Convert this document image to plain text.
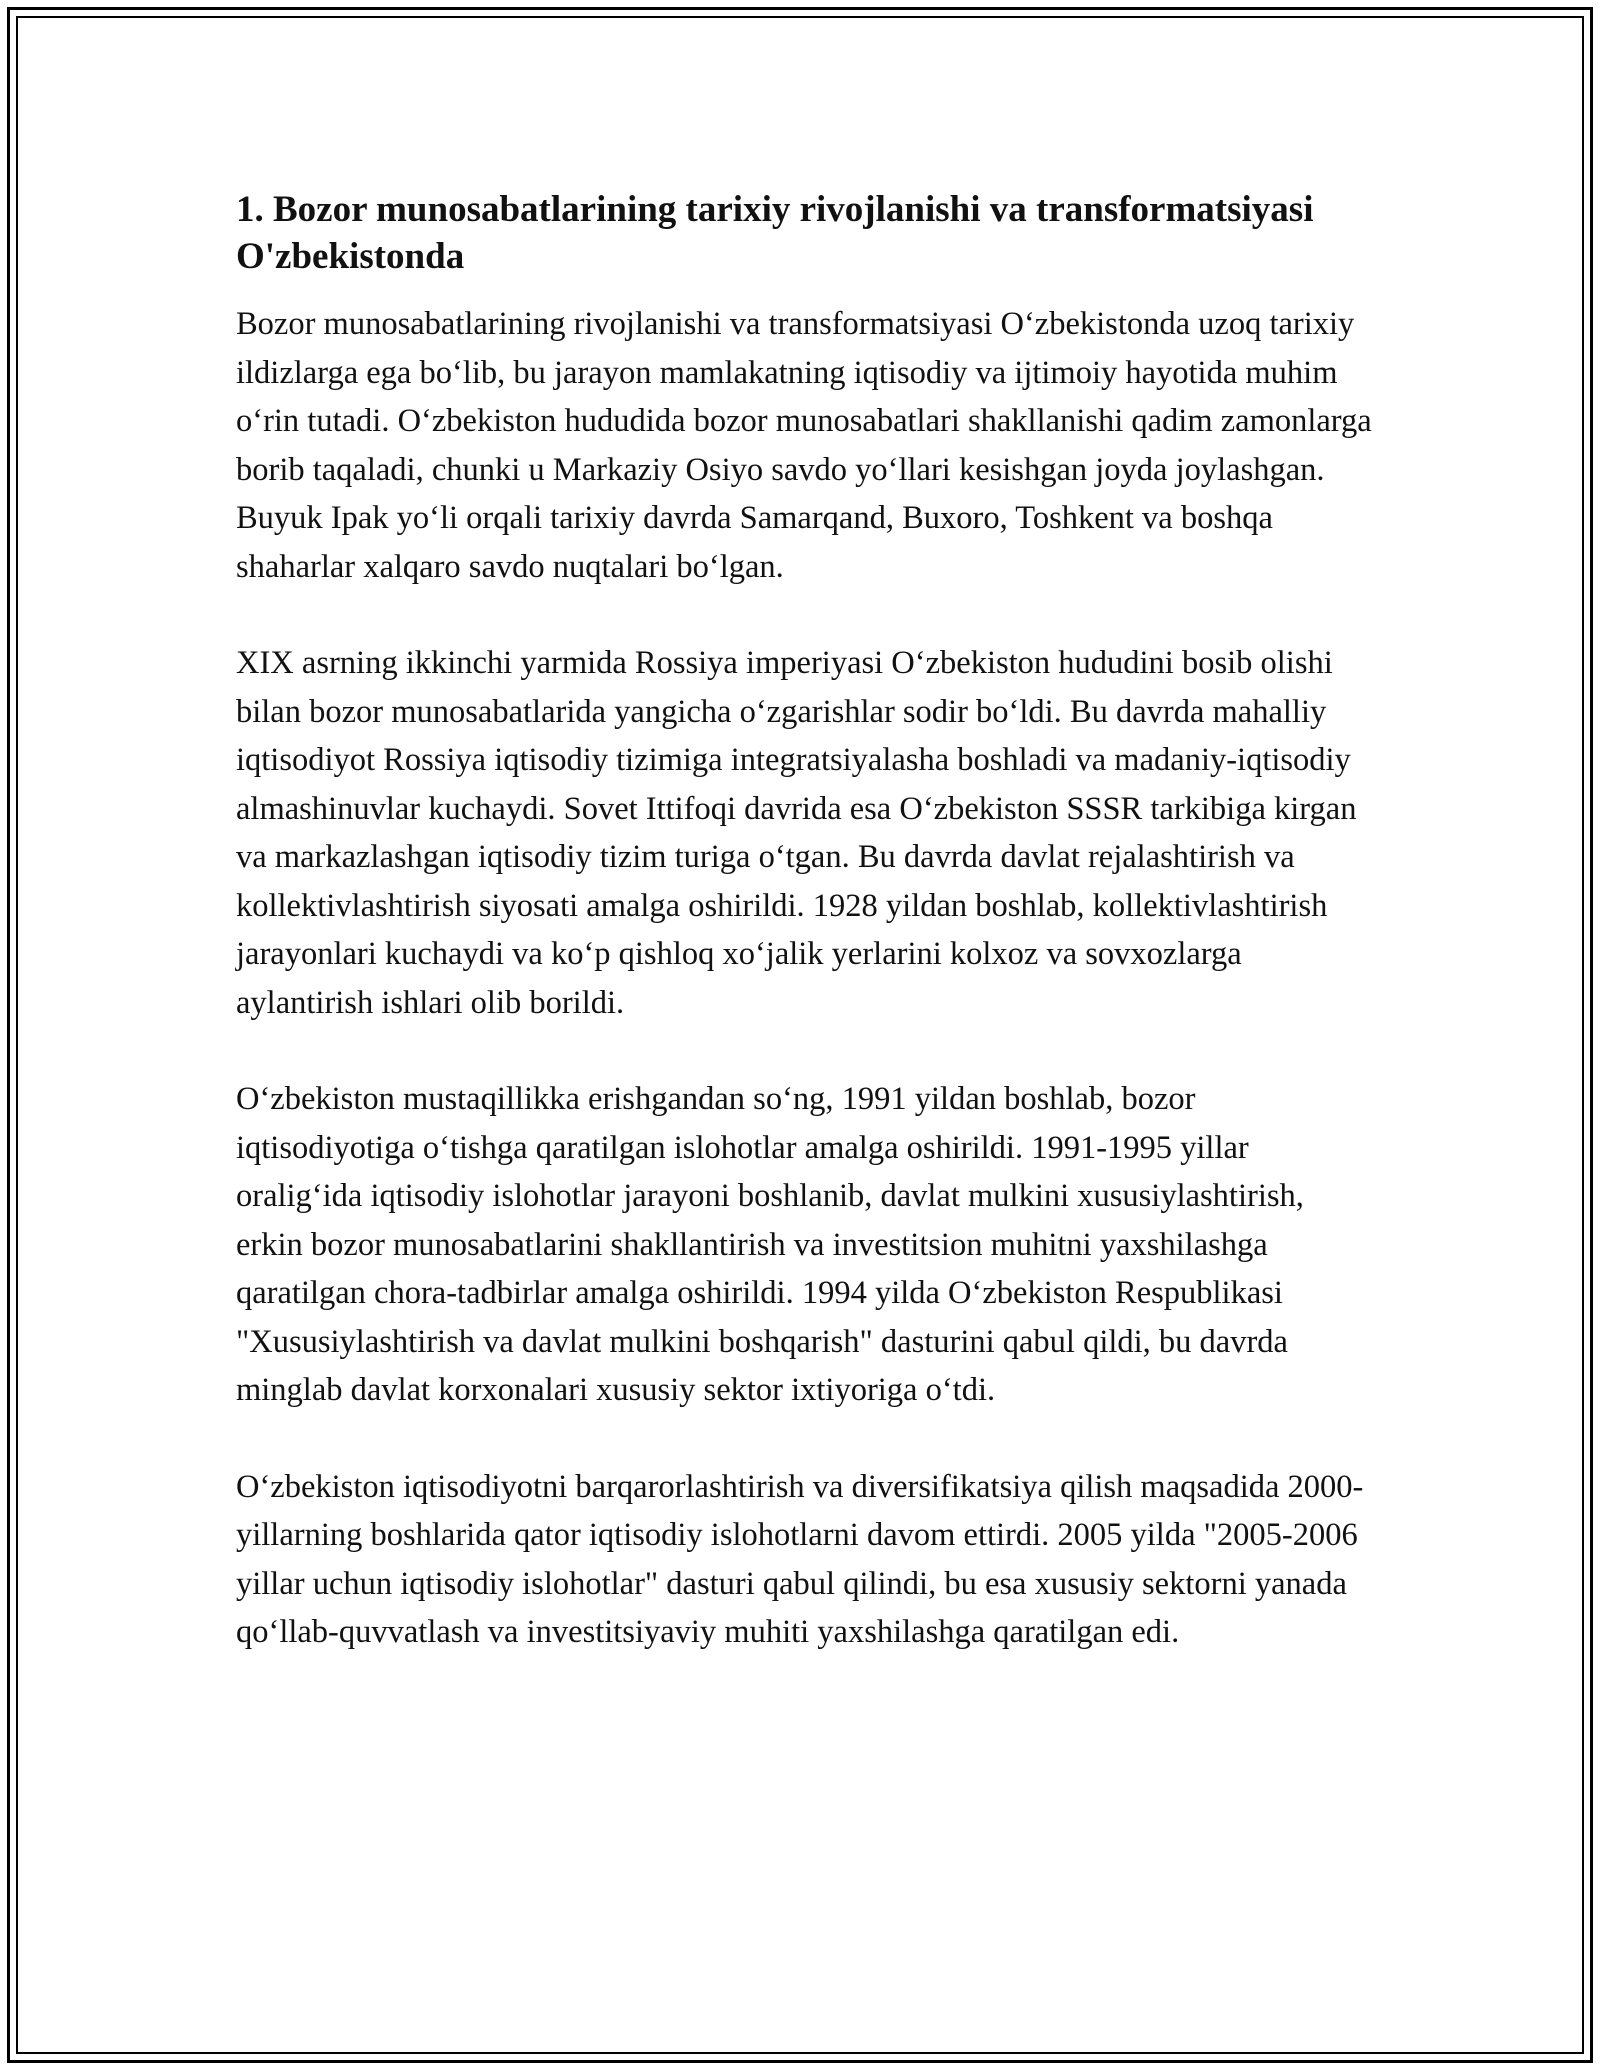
1. Bozor munosabatlarining tarixiy rivojlanishi va transformatsiyasi O'zbekistonda

Bozor munosabatlarining rivojlanishi va transformatsiyasi O‘zbekistonda uzoq tarixiy ildizlarga ega bo‘lib, bu jarayon mamlakatning iqtisodiy va ijtimoiy hayotida muhim o‘rin tutadi. O‘zbekiston hududida bozor munosabatlari shakllanishi qadim zamonlarga borib taqaladi, chunki u Markaziy Osiyo savdo yo‘llari kesishgan joyda joylashgan. Buyuk Ipak yo‘li orqali tarixiy davrda Samarqand, Buxoro, Toshkent va boshqa shaharlar xalqaro savdo nuqtalari bo‘lgan.

XIX asrning ikkinchi yarmida Rossiya imperiyasi O‘zbekiston hududini bosib olishi bilan bozor munosabatlarida yangicha o‘zgarishlar sodir bo‘ldi. Bu davrda mahalliy iqtisodiyot Rossiya iqtisodiy tizimiga integratsiyalasha boshladi va madaniy-iqtisodiy almashinuvlar kuchaydi. Sovet Ittifoqi davrida esa O‘zbekiston SSSR tarkibiga kirgan va markazlashgan iqtisodiy tizim turiga o‘tgan. Bu davrda davlat rejalashtirish va kollektivlashtirish siyosati amalga oshirildi. 1928 yildan boshlab, kollektivlashtirish jarayonlari kuchaydi va ko‘p qishloq xo‘jalik yerlarini kolxoz va sovxozlarga aylantirish ishlari olib borildi.

O‘zbekiston mustaqillikka erishgandan so‘ng, 1991 yildan boshlab, bozor iqtisodiyotiga o‘tishga qaratilgan islohotlar amalga oshirildi. 1991-1995 yillar oralig‘ida iqtisodiy islohotlar jarayoni boshlanib, davlat mulkini xususiylashtirish, erkin bozor munosabatlarini shakllantirish va investitsion muhitni yaxshilashga qaratilgan chora-tadbirlar amalga oshirildi. 1994 yilda O‘zbekiston Respublikasi "Xususiylashtirish va davlat mulkini boshqarish" dasturini qabul qildi, bu davrda minglab davlat korxonalari xususiy sektor ixtiyoriga o‘tdi.

O‘zbekiston iqtisodiyotni barqarorlashtirish va diversifikatsiya qilish maqsadida 2000-yillarning boshlarida qator iqtisodiy islohotlarni davom ettirdi. 2005 yilda "2005-2006 yillar uchun iqtisodiy islohotlar" dasturi qabul qilindi, bu esa xususiy sektorni yanada qo‘llab-quvvatlash va investitsiyaviy muhiti yaxshilashga qaratilgan edi.
